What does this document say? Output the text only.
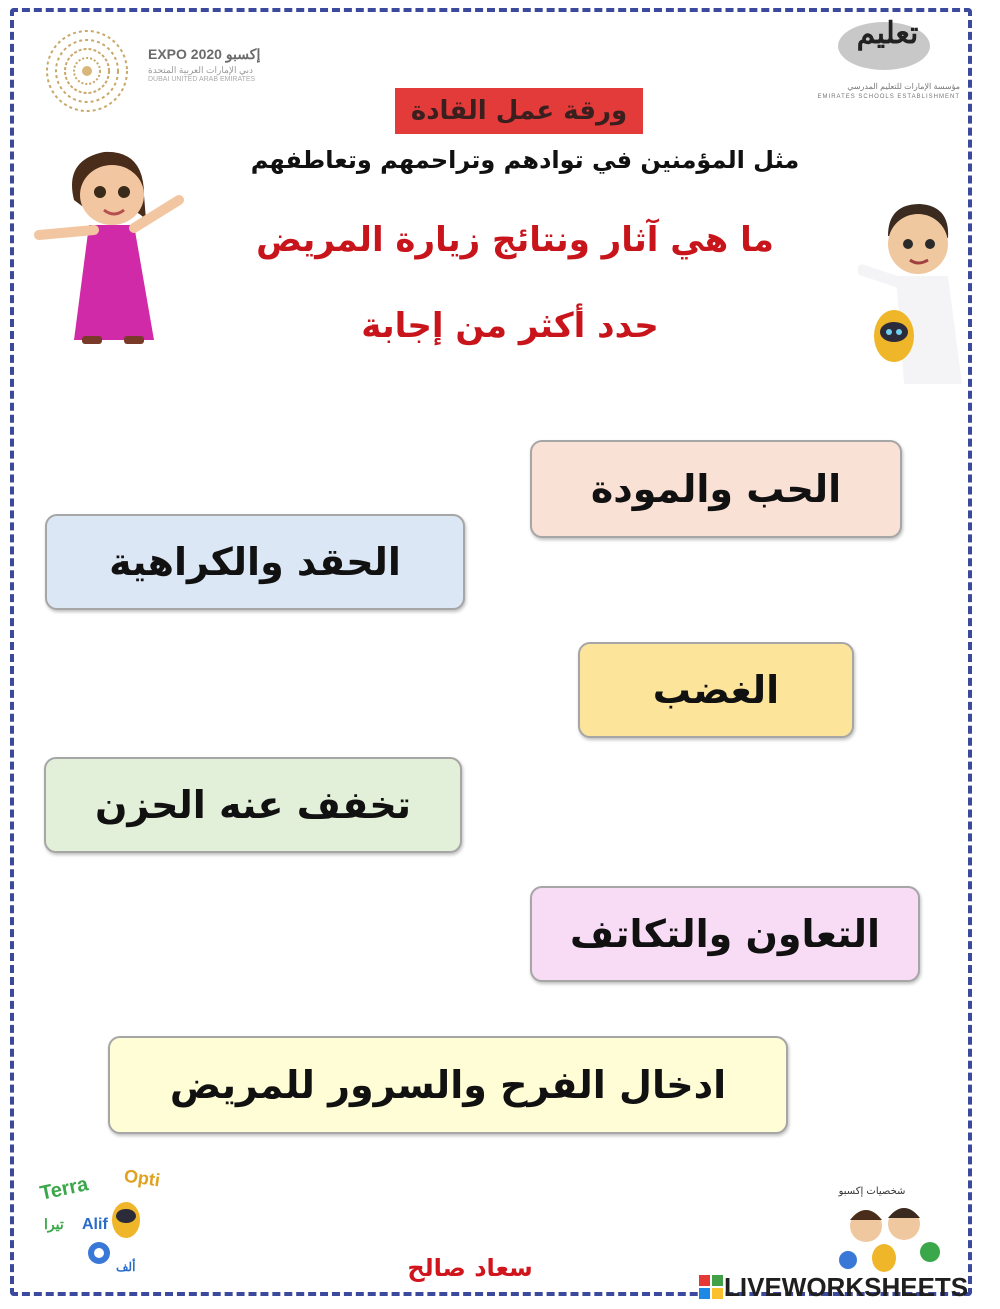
EXPO 2020 إكسبو
دبي الإمارات العربية المتحدة
DUBAI UNITED ARAB EMIRATES
تعليم
مؤسسة الإمارات للتعليم المدرسي
EMIRATES SCHOOLS ESTABLISHMENT
ورقة عمل القادة
مثل المؤمنين في توادهم وتراحمهم وتعاطفهم
ما هي آثار ونتائج زيارة المريض
حدد أكثر من إجابة
الحب والمودة
الحقد والكراهية
الغضب
تخفف عنه الحزن
التعاون والتكاتف
ادخال الفرح والسرور للمريض
Terra Opti
Alif
تيرا
ألف	سعاد صالح
شخصيات إكسبو
LIVEWORKSHEETS
